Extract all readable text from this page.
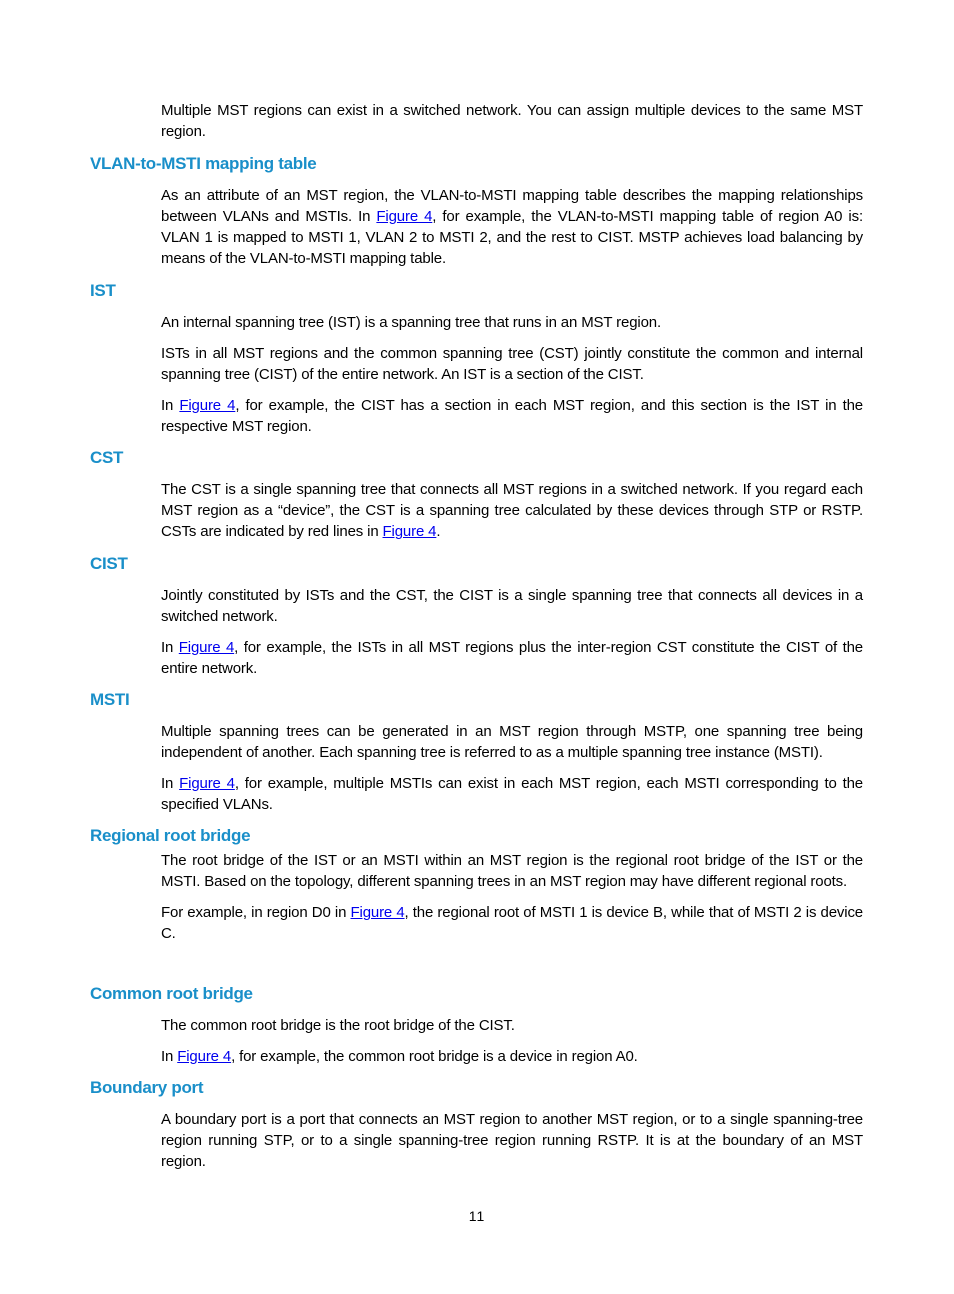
Multiple MST regions can exist in a switched network. You can assign multiple devices to the same MST region.

VLAN-to-MSTI mapping table

As an attribute of an MST region, the VLAN-to-MSTI mapping table describes the mapping relationships between VLANs and MSTIs. In Figure 4, for example, the VLAN-to-MSTI mapping table of region A0 is: VLAN 1 is mapped to MSTI 1, VLAN 2 to MSTI 2, and the rest to CIST. MSTP achieves load balancing by means of the VLAN-to-MSTI mapping table.

IST

An internal spanning tree (IST) is a spanning tree that runs in an MST region.

ISTs in all MST regions and the common spanning tree (CST) jointly constitute the common and internal spanning tree (CIST) of the entire network. An IST is a section of the CIST.

In Figure 4, for example, the CIST has a section in each MST region, and this section is the IST in the respective MST region.

CST

The CST is a single spanning tree that connects all MST regions in a switched network. If you regard each MST region as a “device”, the CST is a spanning tree calculated by these devices through STP or RSTP. CSTs are indicated by red lines in Figure 4.

CIST

Jointly constituted by ISTs and the CST, the CIST is a single spanning tree that connects all devices in a switched network.

In Figure 4, for example, the ISTs in all MST regions plus the inter-region CST constitute the CIST of the entire network.

MSTI

Multiple spanning trees can be generated in an MST region through MSTP, one spanning tree being independent of another. Each spanning tree is referred to as a multiple spanning tree instance (MSTI).

In Figure 4, for example, multiple MSTIs can exist in each MST region, each MSTI corresponding to the specified VLANs.

Regional root bridge

The root bridge of the IST or an MSTI within an MST region is the regional root bridge of the IST or the MSTI. Based on the topology, different spanning trees in an MST region may have different regional roots.

For example, in region D0 in Figure 4, the regional root of MSTI 1 is device B, while that of MSTI 2 is device C.

Common root bridge

The common root bridge is the root bridge of the CIST.

In Figure 4, for example, the common root bridge is a device in region A0.

Boundary port

A boundary port is a port that connects an MST region to another MST region, or to a single spanning-tree region running STP, or to a single spanning-tree region running RSTP. It is at the boundary of an MST region.

11
